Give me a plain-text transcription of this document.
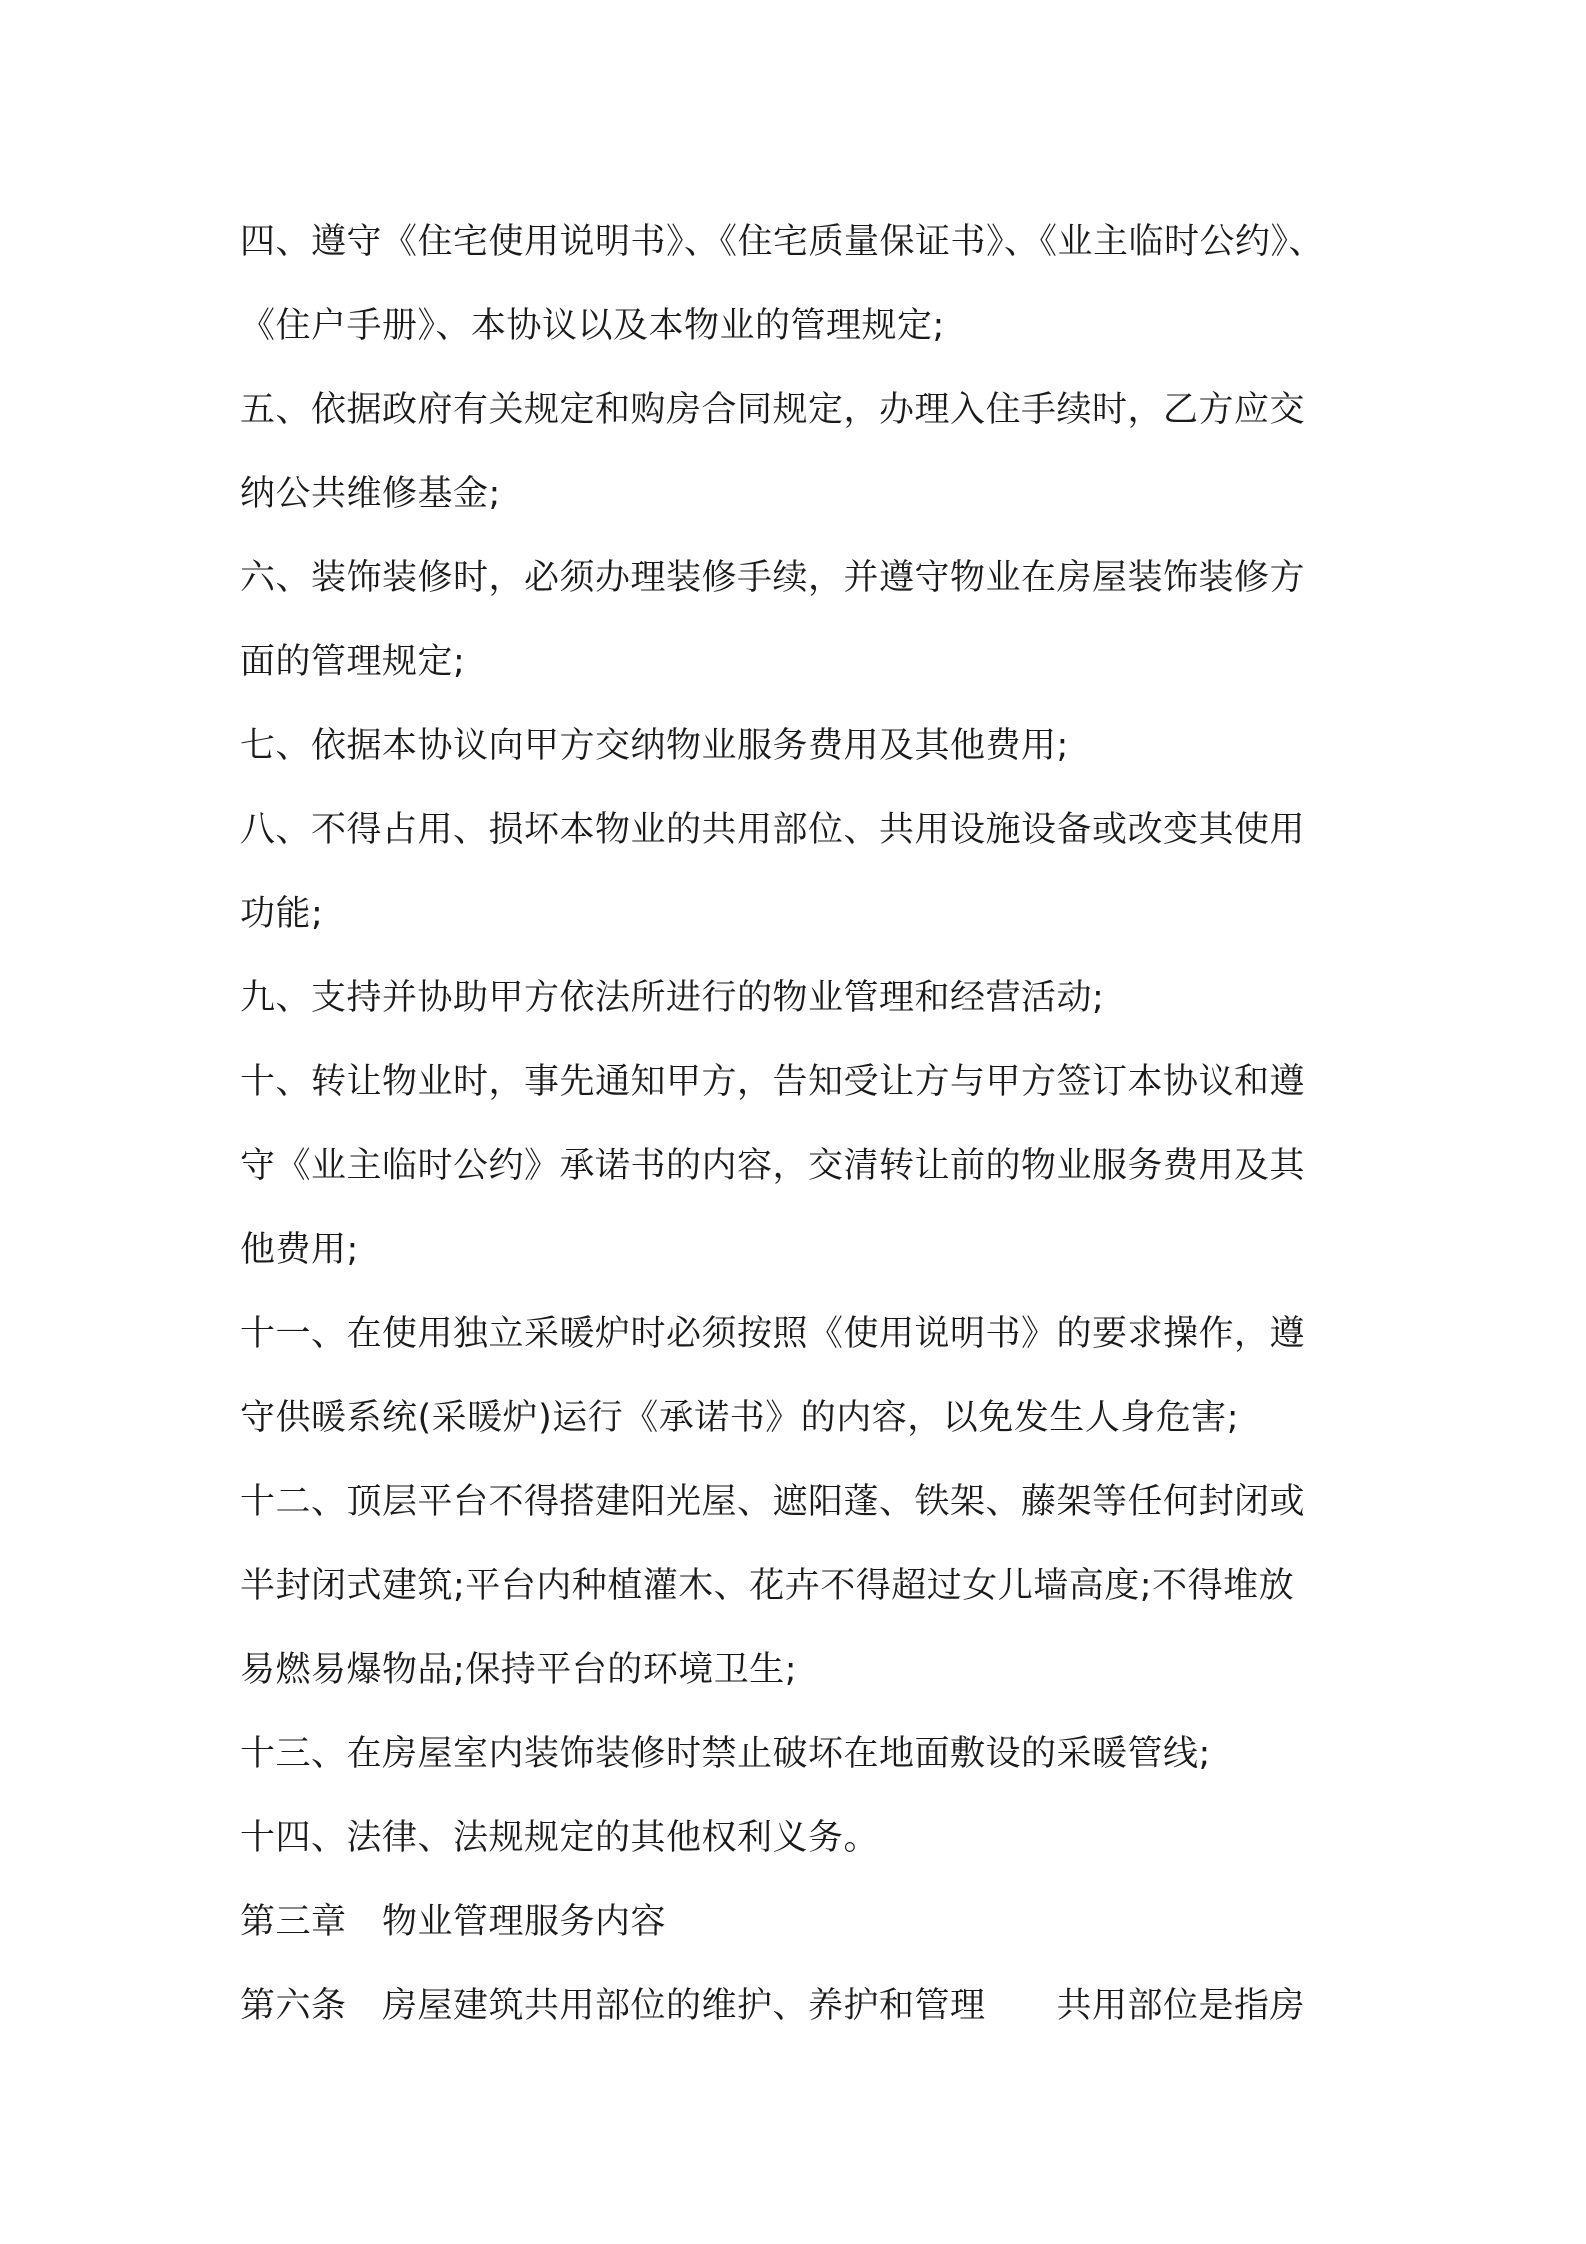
四、遵守《住宅使用说明书》、《住宅质量保证书》、《业主临时公约》、
《住户手册》、本协议以及本物业的管理规定;
五、依据政府有关规定和购房合同规定，办理入住手续时，乙方应交
纳公共维修基金;
六、装饰装修时，必须办理装修手续，并遵守物业在房屋装饰装修方
面的管理规定;
七、依据本协议向甲方交纳物业服务费用及其他费用;
八、不得占用、损坏本物业的共用部位、共用设施设备或改变其使用
功能;
九、支持并协助甲方依法所进行的物业管理和经营活动;
十、转让物业时，事先通知甲方，告知受让方与甲方签订本协议和遵
守《业主临时公约》承诺书的内容，交清转让前的物业服务费用及其
他费用;
十一、在使用独立采暖炉时必须按照《使用说明书》的要求操作，遵
守供暖系统(采暖炉)运行《承诺书》的内容，以免发生人身危害;
十二、顶层平台不得搭建阳光屋、遮阳蓬、铁架、藤架等任何封闭或
半封闭式建筑;平台内种植灌木、花卉不得超过女儿墙高度;不得堆放
易燃易爆物品;保持平台的环境卫生;
十三、在房屋室内装饰装修时禁止破坏在地面敷设的采暖管线;
十四、法律、法规规定的其他权利义务。
第三章　物业管理服务内容
第六条　房屋建筑共用部位的维护、养护和管理　　共用部位是指房
